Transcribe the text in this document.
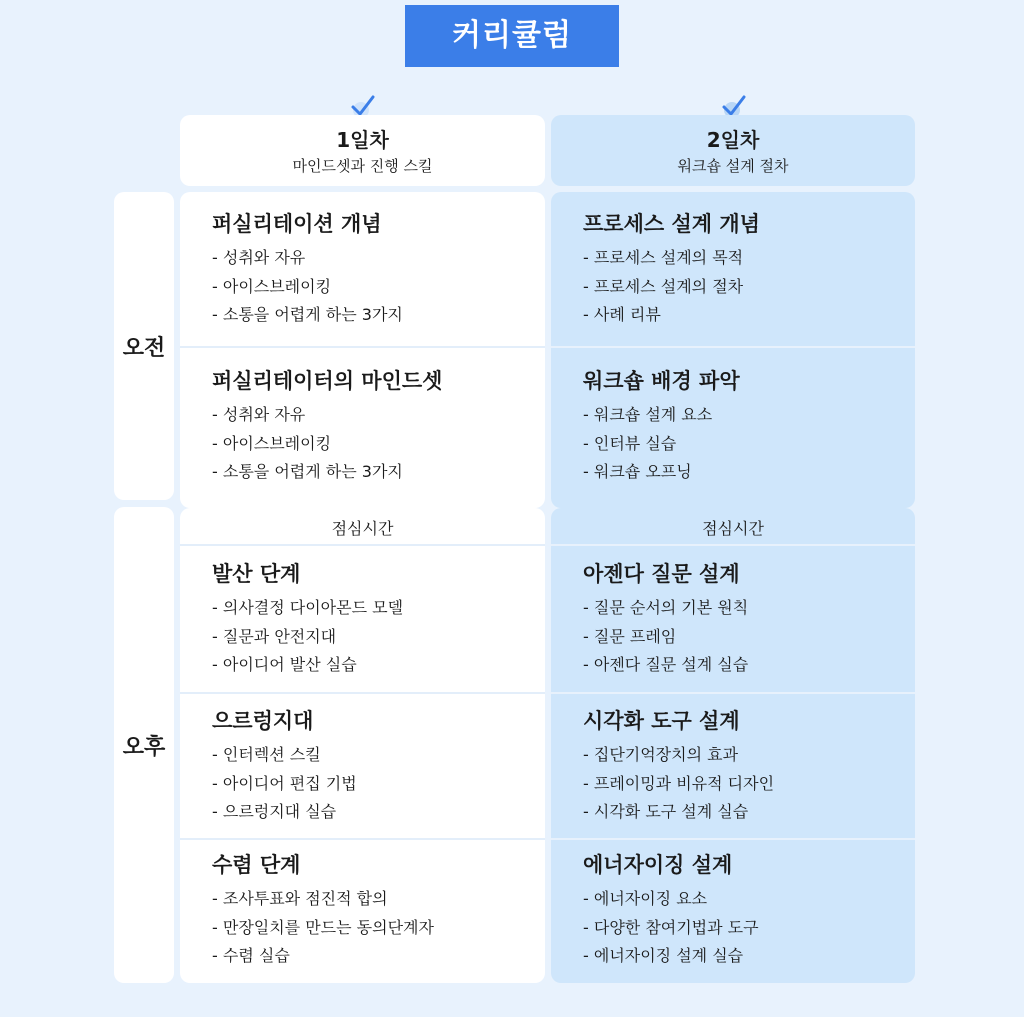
커리큘럼
1일차
마인드셋과 진행 스킬
2일차
워크숍 설계 절차
오전
오후
퍼실리테이션 개념
- 성취와 자유
- 아이스브레이킹
- 소통을 어렵게 하는 3가지
퍼실리테이터의 마인드셋
- 성취와 자유
- 아이스브레이킹
- 소통을 어렵게 하는 3가지
프로세스 설계 개념
- 프로세스 설계의 목적
- 프로세스 설계의 절차
- 사례 리뷰
워크숍 배경 파악
- 워크숍 설계 요소
- 인터뷰 실습
- 워크숍 오프닝
점심시간
발산 단계
- 의사결정 다이아몬드 모델
- 질문과 안전지대
- 아이디어 발산 실습
으르렁지대
- 인터렉션 스킬
- 아이디어 편집 기법
- 으르렁지대 실습
수렴 단계
- 조사투표와 점진적 합의
- 만장일치를 만드는 동의단계자
- 수렴 실습
점심시간
아젠다 질문 설계
- 질문 순서의 기본 원칙
- 질문 프레임
- 아젠다 질문 설계 실습
시각화 도구 설계
- 집단기억장치의 효과
- 프레이밍과 비유적 디자인
- 시각화 도구 설계 실습
에너자이징 설계
- 에너자이징 요소
- 다양한 참여기법과 도구
- 에너자이징 설계 실습
